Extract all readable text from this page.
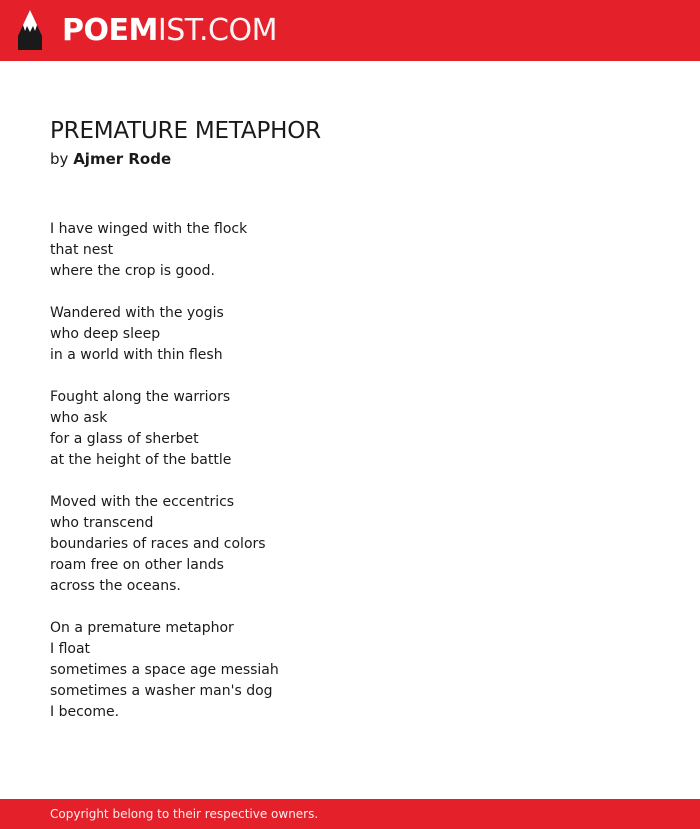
POEMIST.COM
PREMATURE METAPHOR
by Ajmer Rode
I have winged with the flock
that nest
where the crop is good.
Wandered with the yogis
who deep sleep
in a world with thin flesh
Fought along the warriors
who ask
for a glass of sherbet
at the height of the battle
Moved with the eccentrics
who transcend
boundaries of races and colors
roam free on other lands
across the oceans.
On a premature metaphor
I float
sometimes a space age messiah
sometimes a washer man's dog
I become.
Copyright belong to their respective owners.
